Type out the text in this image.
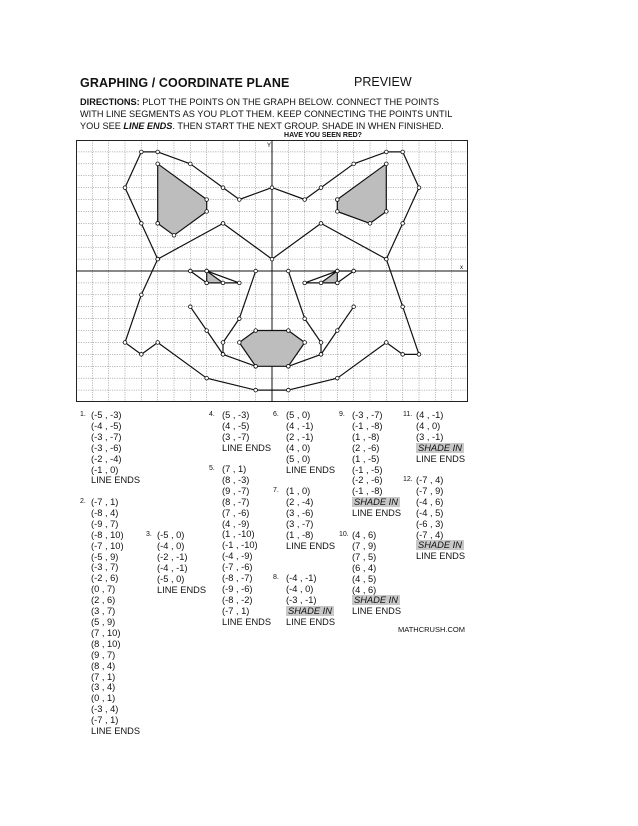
GRAPHING / COORDINATE PLANE	PREVIEW
DIRECTIONS: PLOT THE POINTS ON THE GRAPH BELOW. CONNECT THE POINTS WITH LINE SEGMENTS AS YOU PLOT THEM. KEEP CONNECTING THE POINTS UNTIL YOU SEE LINE ENDS. THEN START THE NEXT GROUP. SHADE IN WHEN FINISHED.
HAVE YOU SEEN RED?
Y
x
1. (-5 , -3)
(-4 , -5)
(-3 , -7)
(-3 , -6)
(-2 , -4)
(-1 , 0)
LINE ENDS
2. (-7 , 1)
(-8 , 4)
(-9 , 7)
(-8 , 10)
(-7 , 10)
(-5 , 9)
(-3 , 7)
(-2 , 6)
(0 , 7)
(2 , 6)
(3 , 7)
(5 , 9)
(7 , 10)
(8 , 10)
(9 , 7)
(8 , 4)
(7 , 1)
(3 , 4)
(0 , 1)
(-3 , 4)
(-7 , 1)
LINE ENDS
3. (-5 , 0)
(-4 , 0)
(-2 , -1)
(-4 , -1)
(-5 , 0)
LINE ENDS
4. (5 , -3)
(4 , -5)
(3 , -7)
LINE ENDS
5. (7 , 1)
(8 , -3)
(9 , -7)
(8 , -7)
(7 , -6)
(4 , -9)
(1 , -10)
(-1 , -10)
(-4 , -9)
(-7 , -6)
(-8 , -7)
(-9 , -6)
(-8 , -2)
(-7 , 1)
LINE ENDS
6. (5 , 0)
(4 , -1)
(2 , -1)
(4 , 0)
(5 , 0)
LINE ENDS
7. (1 , 0)
(2 , -4)
(3 , -6)
(3 , -7)
(1 , -8)
LINE ENDS
8. (-4 , -1)
(-4 , 0)
(-3 , -1)
SHADE IN
LINE ENDS
9. (-3 , -7)
(-1 , -8)
(1 , -8)
(2 , -6)
(1 , -5)
(-1 , -5)
(-2 , -6)
(-1 , -8)
SHADE IN
LINE ENDS
10. (4 , 6)
(7 , 9)
(7 , 5)
(6 , 4)
(4 , 5)
(4 , 6)
SHADE IN
LINE ENDS
11. (4 , -1)
(4 , 0)
(3 , -1)
SHADE IN
LINE ENDS
12. (-7 , 4)
(-7 , 9)
(-4 , 6)
(-4 , 5)
(-6 , 3)
(-7 , 4)
SHADE IN
LINE ENDS
MATHCRUSH.COM
